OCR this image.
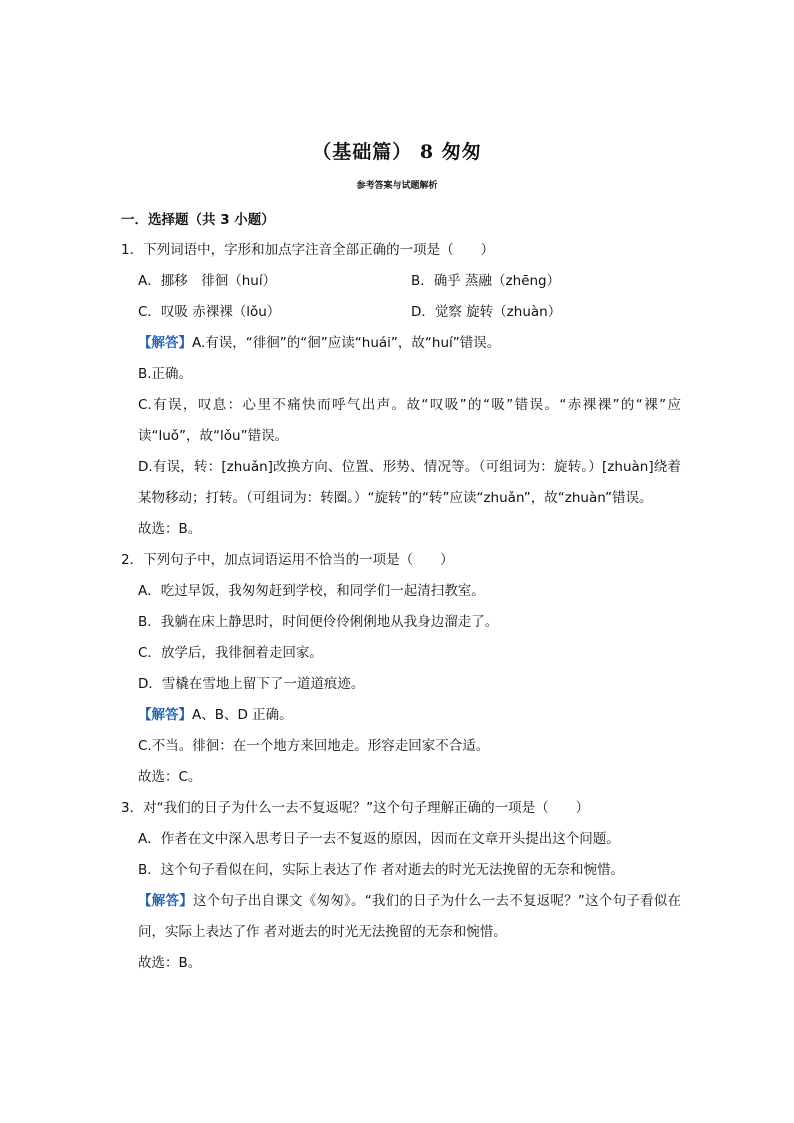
（基础篇） 8 匆匆
参考答案与试题解析
一．选择题（共 3 小题）
1．下列词语中，字形和加点字注音全部正确的一项是（　　）
A．挪移　徘徊（huí）	B．确乎 蒸融（zhēng）
C．叹吸 赤裸裸（lǒu）	D．觉察 旋转（zhuàn）
【解答】A.有误，“徘徊”的“徊”应读“huái”，故“huí”错误。
B.正确。
C.有误，叹息：心里不痛快而呼气出声。故“叹吸”的“吸”错误。“赤裸裸”的“裸”应读“luǒ”，故“lǒu”错误。
D.有误，转：[zhuǎn]改换方向、位置、形势、情况等。（可组词为：旋转。）[zhuàn]绕着某物移动；打转。（可组词为：转圈。）“旋转”的“转”应读“zhuǎn”，故“zhuàn”错误。
故选：B。
2．下列句子中，加点词语运用不恰当的一项是（　　）
A．吃过早饭，我匆匆赶到学校，和同学们一起清扫教室。
B．我躺在床上静思时，时间便伶伶俐俐地从我身边溜走了。
C．放学后，我徘徊着走回家。
D．雪橇在雪地上留下了一道道痕迹。
【解答】A、B、D 正确。
C.不当。徘徊：在一个地方来回地走。形容走回家不合适。
故选：C。
3．对“我们的日子为什么一去不复返呢？”这个句子理解正确的一项是（　　）
A．作者在文中深入思考日子一去不复返的原因，因而在文章开头提出这个问题。
B．这个句子看似在问，实际上表达了作 者对逝去的时光无法挽留的无奈和惋惜。
【解答】这个句子出自课文《匆匆》。“我们的日子为什么一去不复返呢？”这个句子看似在问，实际上表达了作 者对逝去的时光无法挽留的无奈和惋惜。
故选：B。
